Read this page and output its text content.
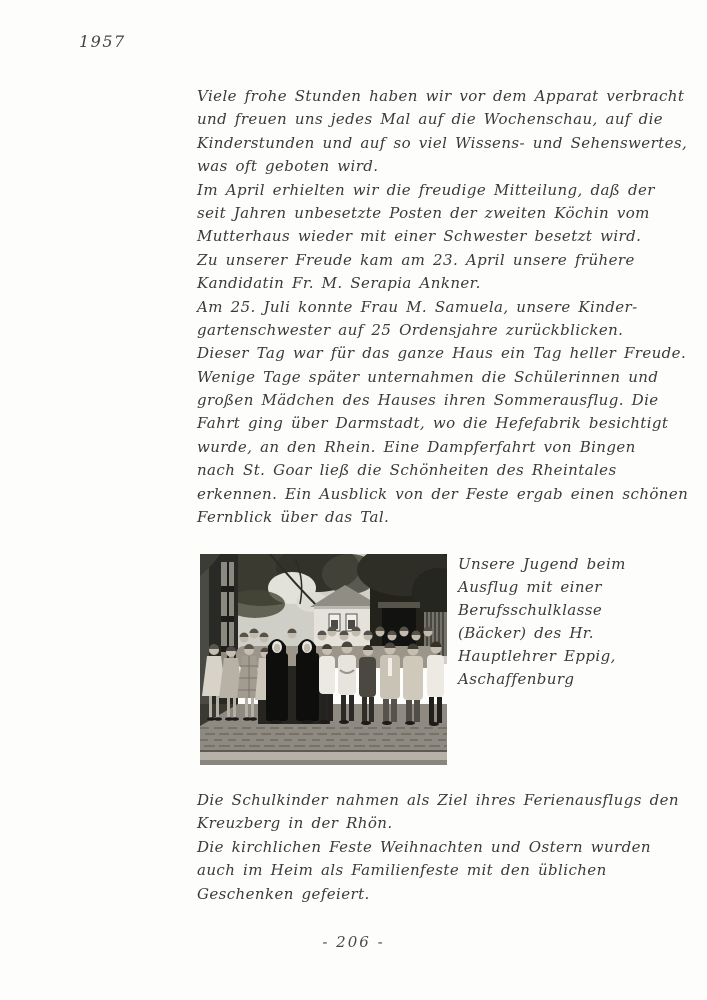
1957
Viele frohe Stunden haben wir vor dem Apparat verbracht
und freuen uns jedes Mal auf die Wochenschau, auf die
Kinderstunden und auf so viel Wissens- und Sehenswertes,
was oft geboten wird.
Im April erhielten wir die freudige Mitteilung, daß der
seit Jahren unbesetzte Posten der zweiten Köchin vom
Mutterhaus wieder mit einer Schwester besetzt wird.
Zu unserer Freude kam am 23. April unsere frühere
Kandidatin Fr. M. Serapia Ankner.
Am 25. Juli konnte Frau M. Samuela, unsere Kinder-
gartenschwester auf 25 Ordensjahre zurückblicken.
Dieser Tag war für das ganze Haus ein Tag heller Freude.
Wenige Tage später unternahmen die Schülerinnen und
großen Mädchen des Hauses ihren Sommerausflug. Die
Fahrt ging über Darmstadt, wo die Hefefabrik besichtigt
wurde, an den Rhein. Eine Dampferfahrt von Bingen
nach St. Goar ließ die Schönheiten des Rheintales
erkennen. Ein Ausblick von der Feste ergab einen schönen
Fernblick über das Tal.
Unsere Jugend beim
Ausflug mit einer
Berufsschulklasse
(Bäcker) des Hr.
Hauptlehrer Eppig,
Aschaffenburg
Die Schulkinder nahmen als Ziel ihres Ferienausflugs den
Kreuzberg in der Rhön.
Die kirchlichen Feste Weihnachten und Ostern wurden
auch im Heim als Familienfeste mit den üblichen
Geschenken gefeiert.
- 206 -
